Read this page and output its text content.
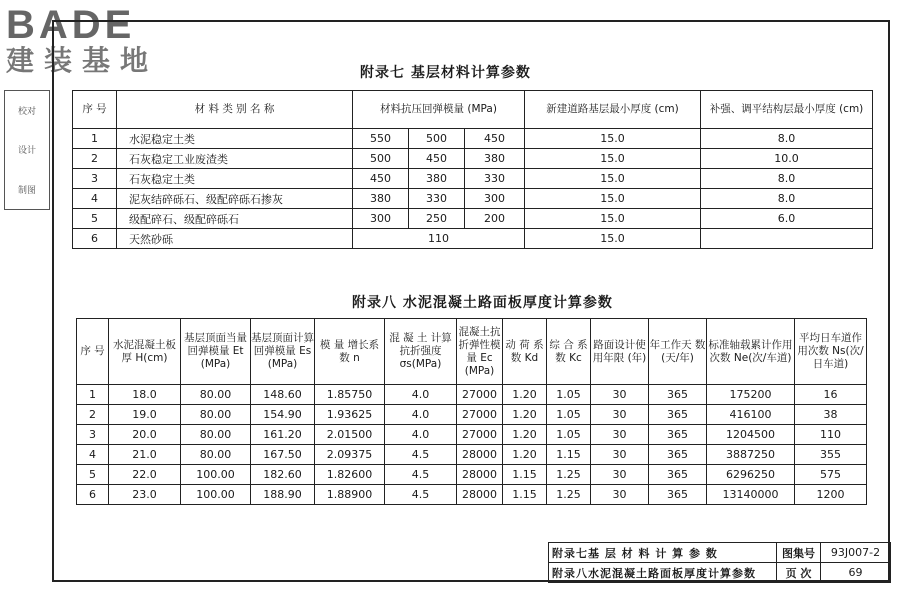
BADE
建装基地
校对
设计
制图
附录七 基层材料计算参数
序 号	材 料 类 别 名 称	材料抗压回弹模量 (MPa)			新建道路基层最小厚度 (cm)	补强、调平结构层最小厚度 (cm)
1	水泥稳定土类	550	500	450	15.0	8.0
2	石灰稳定工业废渣类	500	450	380	15.0	10.0
3	石灰稳定土类	450	380	330	15.0	8.0
4	泥灰结碎砾石、级配碎砾石掺灰	380	330	300	15.0	8.0
5	级配碎石、级配碎砾石	300	250	200	15.0	6.0
6	天然砂砾	110			15.0	
附录八 水泥混凝土路面板厚度计算参数
序 号	水泥混凝土板厚 H(cm)	基层顶面当量回弹模量 Et (MPa)	基层顶面计算回弹模量 Es (MPa)	模 量 增长系数 n	混 凝 土 计算抗折强度 σs(MPa)	混凝土抗折弹性模量 Ec (MPa)	动 荷 系 数 Kd	综 合 系 数 Kc	路面设计使用年限 (年)	年工作天 数 (天/年)	标准轴载累计作用次数 Ne(次/车道)	平均日车道作用次数 Ns(次/日车道)
1	18.0	80.00	148.60	1.85750	4.0	27000	1.20	1.05	30	365	175200	16
2	19.0	80.00	154.90	1.93625	4.0	27000	1.20	1.05	30	365	416100	38
3	20.0	80.00	161.20	2.01500	4.0	27000	1.20	1.05	30	365	1204500	110
4	21.0	80.00	167.50	2.09375	4.5	28000	1.20	1.15	30	365	3887250	355
5	22.0	100.00	182.60	1.82600	4.5	28000	1.15	1.25	30	365	6296250	575
6	23.0	100.00	188.90	1.88900	4.5	28000	1.15	1.25	30	365	13140000	1200
附录七基 层 材 料 计 算 参 数	图集号	93J007-2
附录八水泥混凝土路面板厚度计算参数	页 次	69
